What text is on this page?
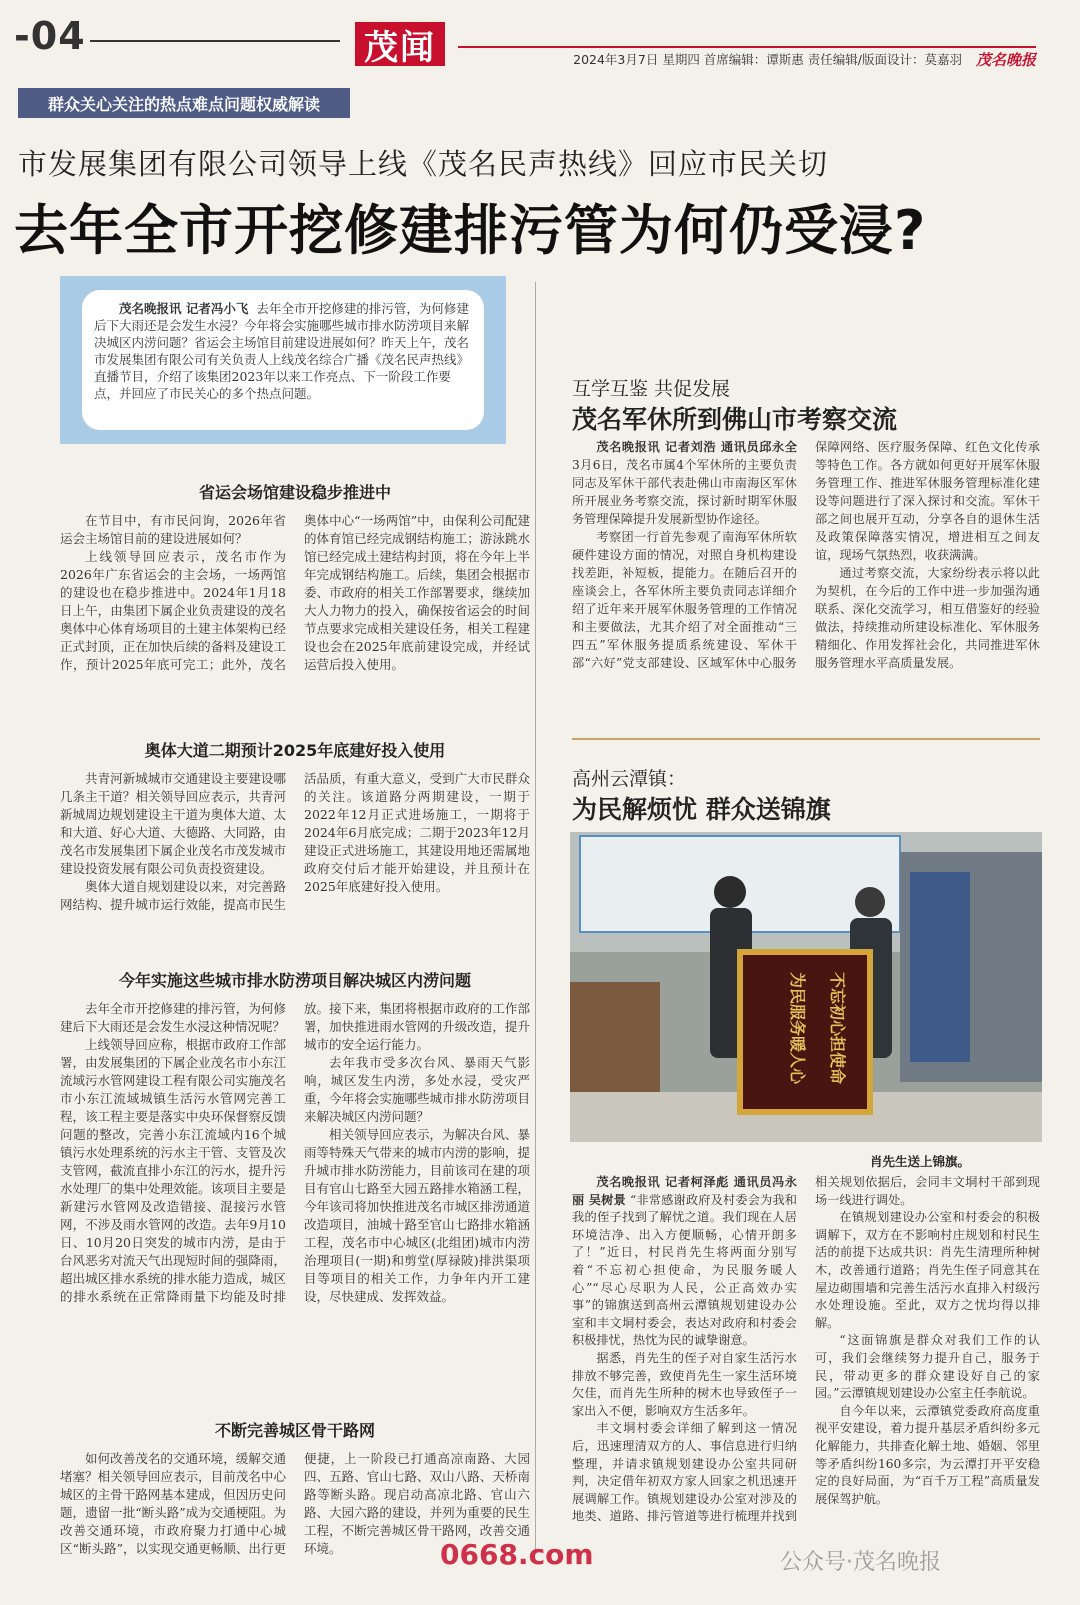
-04	茂闻	2024年3月7日 星期四 首席编辑：谭斯惠 责任编辑/版面设计：莫嘉羽 茂名晚报
群众关心关注的热点难点问题权威解读
市发展集团有限公司领导上线《茂名民声热线》回应市民关切
去年全市开挖修建排污管为何仍受浸?
茂名晚报讯 记者冯小飞 去年全市开挖修建的排污管，为何修建后下大雨还是会发生水浸？今年将会实施哪些城市排水防涝项目来解决城区内涝问题？省运会主场馆目前建设进展如何？昨天上午，茂名市发展集团有限公司有关负责人上线茂名综合广播《茂名民声热线》直播节目，介绍了该集团2023年以来工作亮点、下一阶段工作要点，并回应了市民关心的多个热点问题。
省运会场馆建设稳步推进中

在节目中，有市民问询，2026年省运会主场馆目前的建设进展如何？

上线领导回应表示，茂名市作为2026年广东省运会的主会场，一场两馆的建设也在稳步推进中。2024年1月18日上午，由集团下属企业负责建设的茂名奥体中心体育场项目的土建主体架构已经正式封顶，正在加快后续的备料及建设工作，预计2025年底可完工；此外，茂名奥体中心“一场两馆”中，由保利公司配建的体育馆已经完成钢结构施工；游泳跳水馆已经完成土建结构封顶，将在今年上半年完成钢结构施工。后续，集团会根据市委、市政府的相关工作部署要求，继续加大人力物力的投入，确保按省运会的时间节点要求完成相关建设任务，相关工程建设也会在2025年底前建设完成，并经试运营后投入使用。

奥体大道二期预计2025年底建好投入使用

共青河新城城市交通建设主要建设哪几条主干道？相关领导回应表示，共青河新城周边规划建设主干道为奥体大道、太和大道、好心大道、大德路、大同路，由茂名市发展集团下属企业茂名市茂发城市建设投资发展有限公司负责投资建设。

奥体大道自规划建设以来，对完善路网结构、提升城市运行效能，提高市民生活品质，有重大意义，受到广大市民群众的关注。该道路分两期建设，一期于2022年12月正式进场施工，一期将于2024年6月底完成；二期于2023年12月建设正式进场施工，其建设用地还需属地政府交付后才能开始建设，并且预计在2025年底建好投入使用。

今年实施这些城市排水防涝项目解决城区内涝问题

去年全市开挖修建的排污管，为何修建后下大雨还是会发生水浸这种情况呢？

上线领导回应称，根据市政府工作部署，由发展集团的下属企业茂名市小东江流域污水管网建设工程有限公司实施茂名市小东江流域城镇生活污水管网完善工程，该工程主要是落实中央环保督察反馈问题的整改，完善小东江流域内16个城镇污水处理系统的污水主干管、支管及次支管网，截流直排小东江的污水，提升污水处理厂的集中处理效能。该项目主要是新建污水管网及改造错接、混接污水管网，不涉及雨水管网的改造。去年9月10日、10月20日突发的城市内涝，是由于台风恶劣对流天气出现短时间的强降雨，超出城区排水系统的排水能力造成，城区的排水系统在正常降雨量下均能及时排放。接下来，集团将根据市政府的工作部署，加快推进雨水管网的升级改造，提升城市的安全运行能力。

去年我市受多次台风、暴雨天气影响，城区发生内涝，多处水浸，受灾严重，今年将会实施哪些城市排水防涝项目来解决城区内涝问题？

相关领导回应表示，为解决台风、暴雨等特殊天气带来的城市内涝的影响，提升城市排水防涝能力，目前该司在建的项目有官山七路至大园五路排水箱涵工程，今年该司将加快推进茂名市城区排涝通道改造项目，油城十路至官山七路排水箱涵工程，茂名市中心城区(北组团)城市内涝治理项目(一期)和剪堂(厚禄陂)排洪渠项目等项目的相关工作，力争年内开工建设，尽快建成、发挥效益。

不断完善城区骨干路网

如何改善茂名的交通环境，缓解交通堵塞？相关领导回应表示，目前茂名中心城区的主骨干路网基本建成，但因历史问题，遗留一批“断头路”成为交通梗阻。为改善交通环境，市政府聚力打通中心城区“断头路”，以实现交通更畅顺、出行更便捷，上一阶段已打通高凉南路、大园四、五路、官山七路、双山八路、天桥南路等断头路。现启动高凉北路、官山六路、大园六路的建设，并列为重要的民生工程，不断完善城区骨干路网，改善交通环境。

互学互鉴 共促发展
茂名军休所到佛山市考察交流

茂名晚报讯 记者刘浩 通讯员邱永全 3月6日，茂名市属4个军休所的主要负责同志及军休干部代表赴佛山市南海区军休所开展业务考察交流，探讨新时期军休服务管理保障提升发展新型协作途径。

考察团一行首先参观了南海军休所软硬件建设方面的情况，对照自身机构建设找差距，补短板，提能力。在随后召开的座谈会上，各军休所主要负责同志详细介绍了近年来开展军休服务管理的工作情况和主要做法，尤其介绍了对全面推动“三四五”军休服务提质系统建设、军休干部“六好”党支部建设、区域军休中心服务保障网络、医疗服务保障、红色文化传承等特色工作。各方就如何更好开展军休服务管理工作、推进军休服务管理标准化建设等问题进行了深入探讨和交流。军休干部之间也展开互动，分享各自的退休生活及政策保障落实情况，增进相互之间友谊，现场气氛热烈，收获满满。

通过考察交流，大家纷纷表示将以此为契机，在今后的工作中进一步加强沟通联系、深化交流学习，相互借鉴好的经验做法，持续推动所建设标准化、军休服务精细化、作用发挥社会化，共同推进军休服务管理水平高质量发展。

高州云潭镇：
为民解烦忧 群众送锦旗
不忘初心担使命
为民服务暖人心
肖先生送上锦旗。

茂名晚报讯 记者柯泽彪 通讯员冯永丽 吴树景 “非常感谢政府及村委会为我和我的侄子找到了解忧之道。我们现在人居环境洁净、出入方便顺畅，心情开朗多了！”近日，村民肖先生将两面分别写着“不忘初心担使命，为民服务暖人心”“尽心尽职为人民，公正高效办实事”的锦旗送到高州云潭镇规划建设办公室和丰文垌村委会，表达对政府和村委会积极排忧，热忱为民的诚挚谢意。

据悉，肖先生的侄子对自家生活污水排放不够完善，致使肖先生一家生活环境欠佳，而肖先生所种的树木也导致侄子一家出入不便，影响双方生活多年。

丰文垌村委会详细了解到这一情况后，迅速理清双方的人、事信息进行归纳整理，并请求镇规划建设办公室共同研判，决定借年初双方家人回家之机迅速开展调解工作。镇规划建设办公室对涉及的地类、道路、排污管道等进行梳理并找到相关规划依据后，会同丰文垌村干部到现场一线进行调处。

在镇规划建设办公室和村委会的积极调解下，双方在不影响村庄规划和村民生活的前提下达成共识：肖先生清理所种树木，改善通行道路；肖先生侄子同意其在屋边砌围墙和完善生活污水直排入村级污水处理设施。至此，双方之忧均得以排解。

“这面锦旗是群众对我们工作的认可，我们会继续努力提升自己，服务于民，带动更多的群众建设好自己的家园。”云潭镇规划建设办公室主任李航说。

自今年以来，云潭镇党委政府高度重视平安建设，着力提升基层矛盾纠纷多元化解能力，共排查化解土地、婚姻、邻里等矛盾纠纷160多宗，为云潭打开平安稳定的良好局面，为“百千万工程”高质量发展保驾护航。

0668.com	公众号·茂名晚报
